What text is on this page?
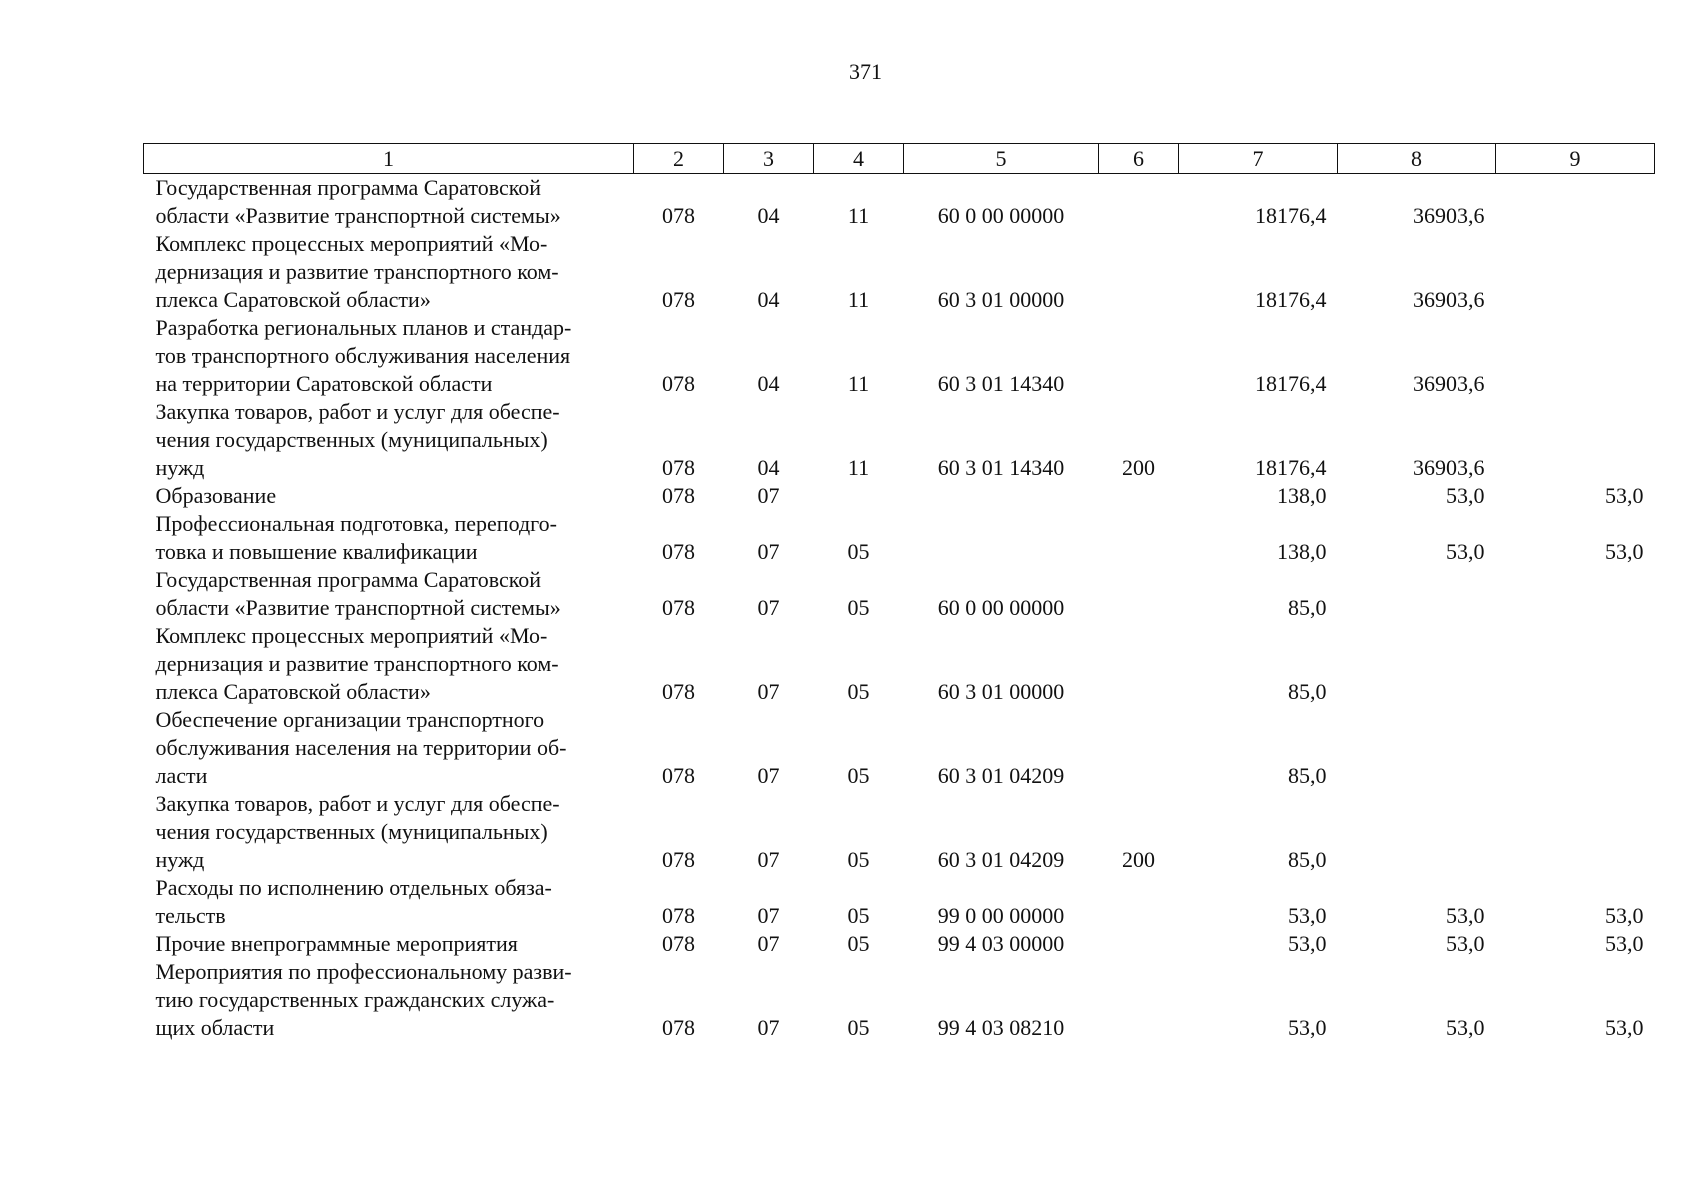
371
1	2	3	4	5	6	7	8	9
Государственная программа Саратовской
области «Развитие транспортной системы»	078	04	11	60 0 00 00000		18176,4	36903,6	
Комплекс процессных мероприятий «Мо-
дернизация и развитие транспортного ком-
плекса Саратовской области»	078	04	11	60 3 01 00000		18176,4	36903,6	
Разработка региональных планов и стандар-
тов транспортного обслуживания населения
на территории Саратовской области	078	04	11	60 3 01 14340		18176,4	36903,6	
Закупка товаров, работ и услуг для обеспе-
чения государственных (муниципальных)
нужд	078	04	11	60 3 01 14340	200	18176,4	36903,6	
Образование	078	07				138,0	53,0	53,0
Профессиональная подготовка, переподго-
товка и повышение квалификации	078	07	05			138,0	53,0	53,0
Государственная программа Саратовской
области «Развитие транспортной системы»	078	07	05	60 0 00 00000		85,0		
Комплекс процессных мероприятий «Мо-
дернизация и развитие транспортного ком-
плекса Саратовской области»	078	07	05	60 3 01 00000		85,0		
Обеспечение организации транспортного
обслуживания населения на территории об-
ласти	078	07	05	60 3 01 04209		85,0		
Закупка товаров, работ и услуг для обеспе-
чения государственных (муниципальных)
нужд	078	07	05	60 3 01 04209	200	85,0		
Расходы по исполнению отдельных обяза-
тельств	078	07	05	99 0 00 00000		53,0	53,0	53,0
Прочие внепрограммные мероприятия	078	07	05	99 4 03 00000		53,0	53,0	53,0
Мероприятия по профессиональному разви-
тию государственных гражданских служа-
щих области	078	07	05	99 4 03 08210		53,0	53,0	53,0
